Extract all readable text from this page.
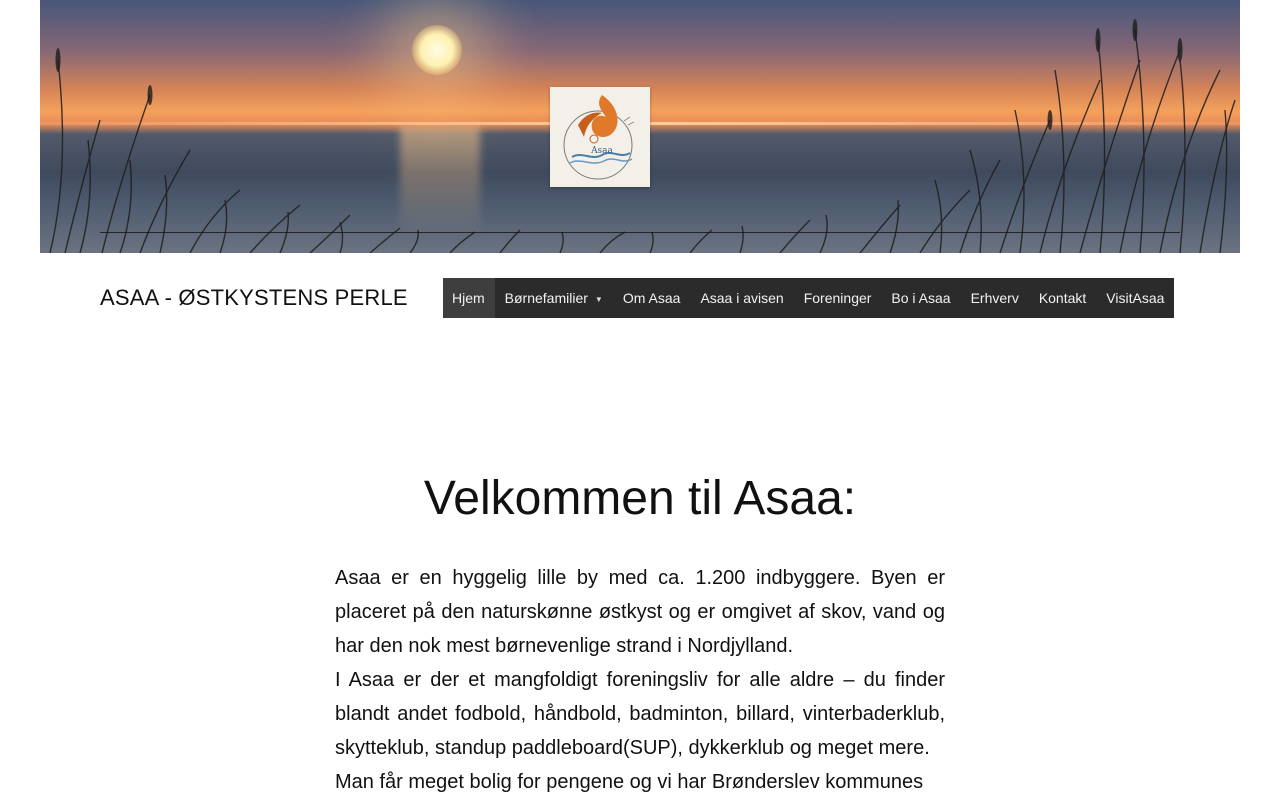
Asaa
ASAA - ØSTKYSTENS PERLE	Hjem Børnefamilier ▼ Om Asaa Asaa i avisen Foreninger Bo i Asaa Erhverv Kontakt VisitAsaa
Velkommen til Asaa:

Asaa er en hyggelig lille by med ca. 1.200 indbyggere. Byen er placeret på den naturskønne østkyst og er omgivet af skov, vand og har den nok mest børnevenlige strand i Nordjylland.

I Asaa er der et mangfoldigt foreningsliv for alle aldre – du finder blandt andet fodbold, håndbold, badminton, billard, vinterbaderklub, skytteklub, standup paddleboard(SUP), dykkerklub og meget mere.

Man får meget bolig for pengene og vi har Brønderslev kommunes
